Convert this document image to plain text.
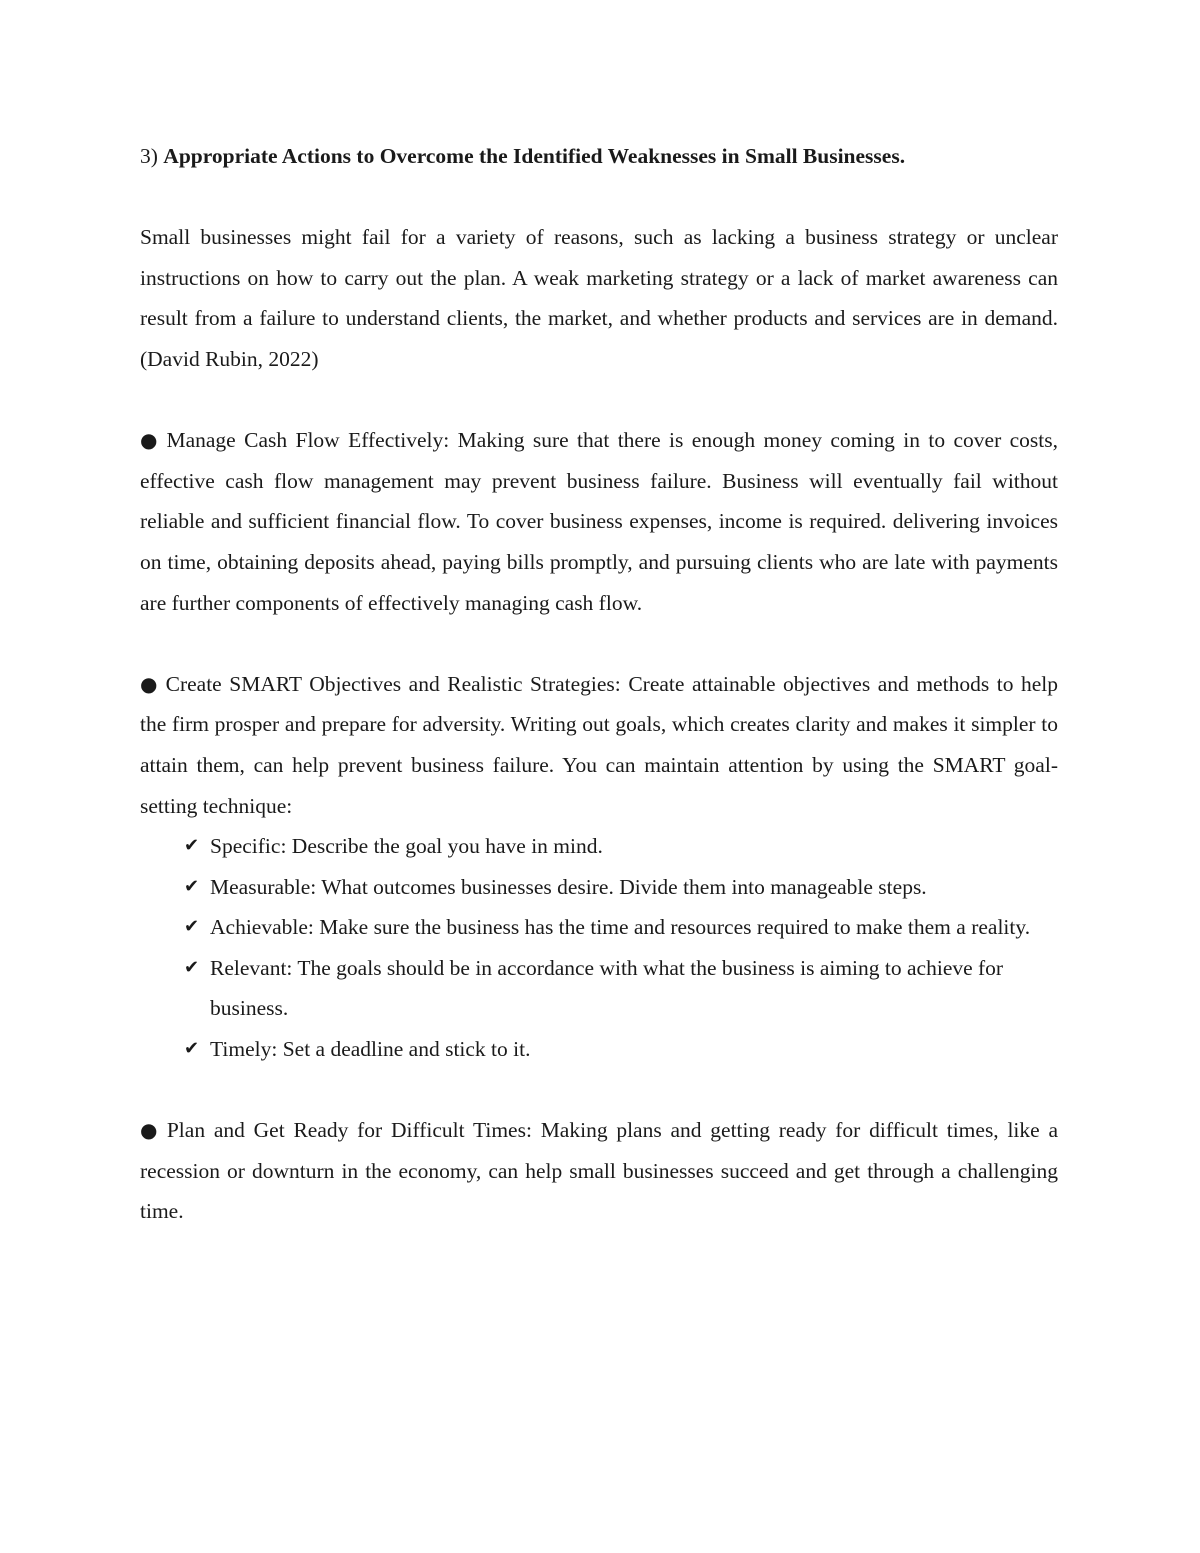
3) Appropriate Actions to Overcome the Identified Weaknesses in Small Businesses.

Small businesses might fail for a variety of reasons, such as lacking a business strategy or unclear instructions on how to carry out the plan. A weak marketing strategy or a lack of market awareness can result from a failure to understand clients, the market, and whether products and services are in demand. (David Rubin, 2022)

● Manage Cash Flow Effectively: Making sure that there is enough money coming in to cover costs, effective cash flow management may prevent business failure. Business will eventually fail without reliable and sufficient financial flow. To cover business expenses, income is required. delivering invoices on time, obtaining deposits ahead, paying bills promptly, and pursuing clients who are late with payments are further components of effectively managing cash flow.

● Create SMART Objectives and Realistic Strategies: Create attainable objectives and methods to help the firm prosper and prepare for adversity. Writing out goals, which creates clarity and makes it simpler to attain them, can help prevent business failure. You can maintain attention by using the SMART goal-setting technique:

✔ Specific: Describe the goal you have in mind.
✔ Measurable: What outcomes businesses desire. Divide them into manageable steps.
✔ Achievable: Make sure the business has the time and resources required to make them a reality.
✔ Relevant: The goals should be in accordance with what the business is aiming to achieve for business.
✔ Timely: Set a deadline and stick to it.

● Plan and Get Ready for Difficult Times: Making plans and getting ready for difficult times, like a recession or downturn in the economy, can help small businesses succeed and get through a challenging time.
